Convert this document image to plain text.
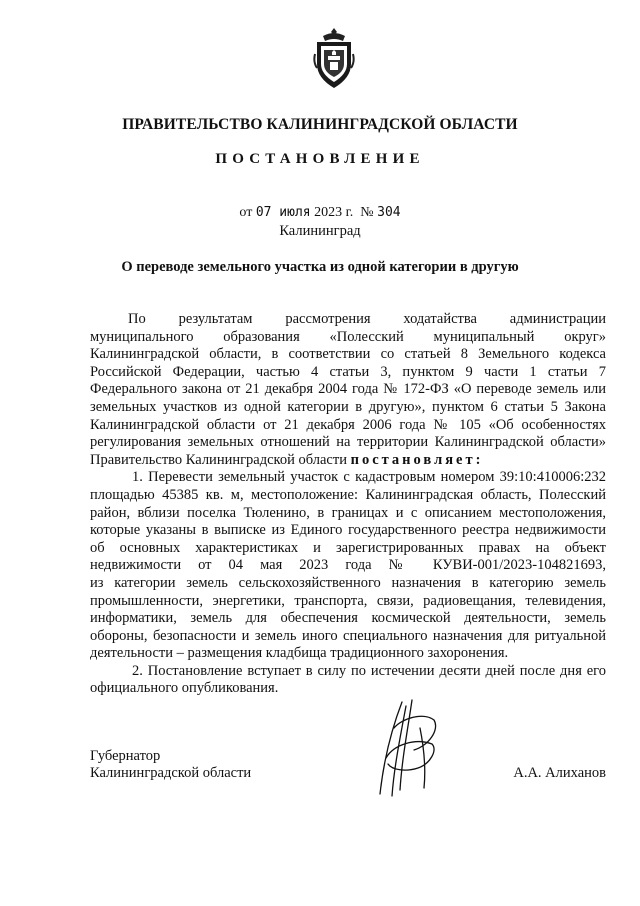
ПРАВИТЕЛЬСТВО КАЛИНИНГРАДСКОЙ ОБЛАСТИ
ПОСТАНОВЛЕНИЕ
от 07 июля 2023 г. № 304
Калининград
О переводе земельного участка из одной категории в другую
По результатам рассмотрения ходатайства администрации
муниципального образования «Полесский муниципальный округ»
Калининградской области, в соответствии со статьей 8 Земельного кодекса
Российской Федерации, частью 4 статьи 3, пунктом 9 части 1 статьи 7
Федерального закона от 21 декабря 2004 года № 172-ФЗ «О переводе земель или
земельных участков из одной категории в другую», пунктом 6 статьи 5 Закона
Калининградской области от 21 декабря 2006 года № 105 «Об особенностях
регулирования земельных отношений на территории Калининградской области»
Правительство Калининградской области постановляет:
1. Перевести земельный участок с кадастровым номером 39:10:410006:232
площадью 45385 кв. м, местоположение: Калининградская область, Полесский
район, вблизи поселка Тюленино, в границах и с описанием местоположения,
которые указаны в выписке из Единого государственного реестра недвижимости
об основных характеристиках и зарегистрированных правах на объект
недвижимости от 04 мая 2023 года № КУВИ-001/2023-104821693,
из категории земель сельскохозяйственного назначения в категорию земель
промышленности, энергетики, транспорта, связи, радиовещания, телевидения,
информатики, земель для обеспечения космической деятельности, земель
обороны, безопасности и земель иного специального назначения для ритуальной
деятельности – размещения кладбища традиционного захоронения.
2. Постановление вступает в силу по истечении десяти дней после дня его
официального опубликования.
Губернатор
Калининградской области	А.А. Алиханов
